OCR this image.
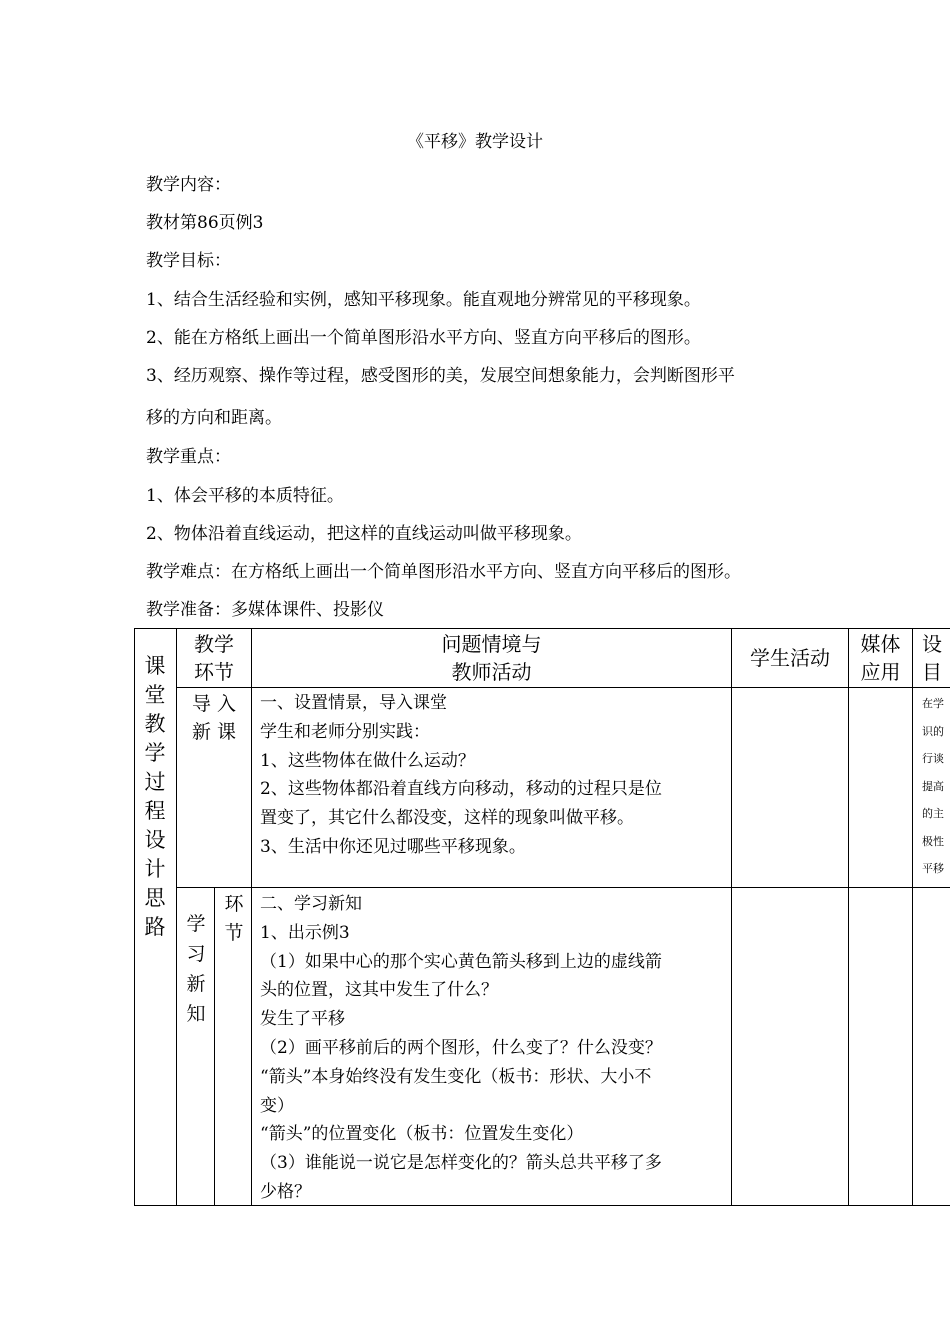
《平移》教学设计
教学内容：
教材第86页例3
教学目标：
1、结合生活经验和实例，感知平移现象。能直观地分辨常见的平移现象。
2、能在方格纸上画出一个简单图形沿水平方向、竖直方向平移后的图形。
3、经历观察、操作等过程，感受图形的美，发展空间想象能力，会判断图形平
移的方向和距离。
教学重点：
1、体会平移的本质特征。
2、物体沿着直线运动，把这样的直线运动叫做平移现象。
教学难点：在方格纸上画出一个简单图形沿水平方向、竖直方向平移后的图形。
教学准备：多媒体课件、投影仪
课
堂
教
学
过
程
设
计
思
路
教学
环节
问题情境与
教师活动
学生活动
媒体
应用
设
目
导 入
新 课
一、设置情景，导入课堂
学生和老师分别实践：
1、这些物体在做什么运动？
2、这些物体都沿着直线方向移动，移动的过程只是位
置变了，其它什么都没变，这样的现象叫做平移。
3、生活中你还见过哪些平移现象。
在学
识的
行谈
提高
的主
极性
平移
学
习
新
知
环
节
二、学习新知
1、出示例3
（1）如果中心的那个实心黄色箭头移到上边的虚线箭
头的位置，这其中发生了什么？
发生了平移
（2）画平移前后的两个图形，什么变了？什么没变？
“箭头”本身始终没有发生变化（板书：形状、大小不
变）
“箭头”的位置变化（板书：位置发生变化）
（3）谁能说一说它是怎样变化的？箭头总共平移了多
少格？
